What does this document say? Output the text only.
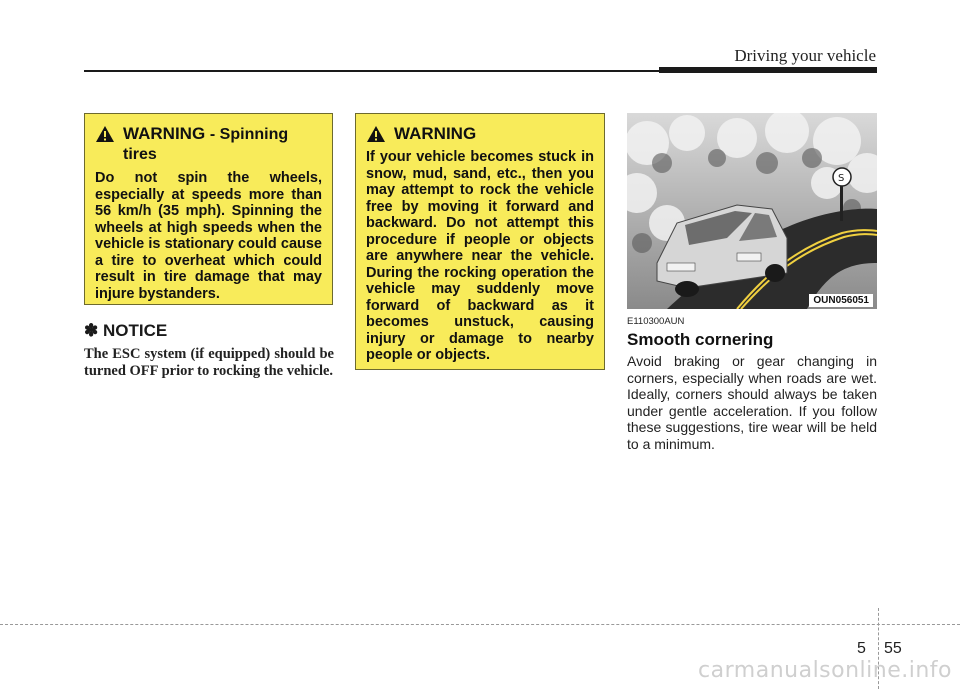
Driving your vehicle
WARNING - Spinning tires
Do not spin the wheels, especially at speeds more than 56 km/h (35 mph). Spinning the wheels at high speeds when the vehicle is stationary could cause a tire to overheat which could result in tire damage that may injure bystanders.
✽ NOTICE
The ESC system (if equipped) should be turned OFF prior to rocking the vehicle.
WARNING
If your vehicle becomes stuck in snow, mud, sand, etc., then you may attempt to rock the vehicle free by moving it forward and backward. Do not attempt this procedure if people or objects are anywhere near the vehicle. During the rocking operation the vehicle may suddenly move forward of backward as it becomes unstuck, causing injury or damage to nearby people or objects.
S
OUN056051
E110300AUN
Smooth cornering
Avoid braking or gear changing in corners, especially when roads are wet. Ideally, corners should always be taken under gentle acceleration. If you follow these suggestions, tire wear will be held to a minimum.
5 55
carmanualsonline.info
